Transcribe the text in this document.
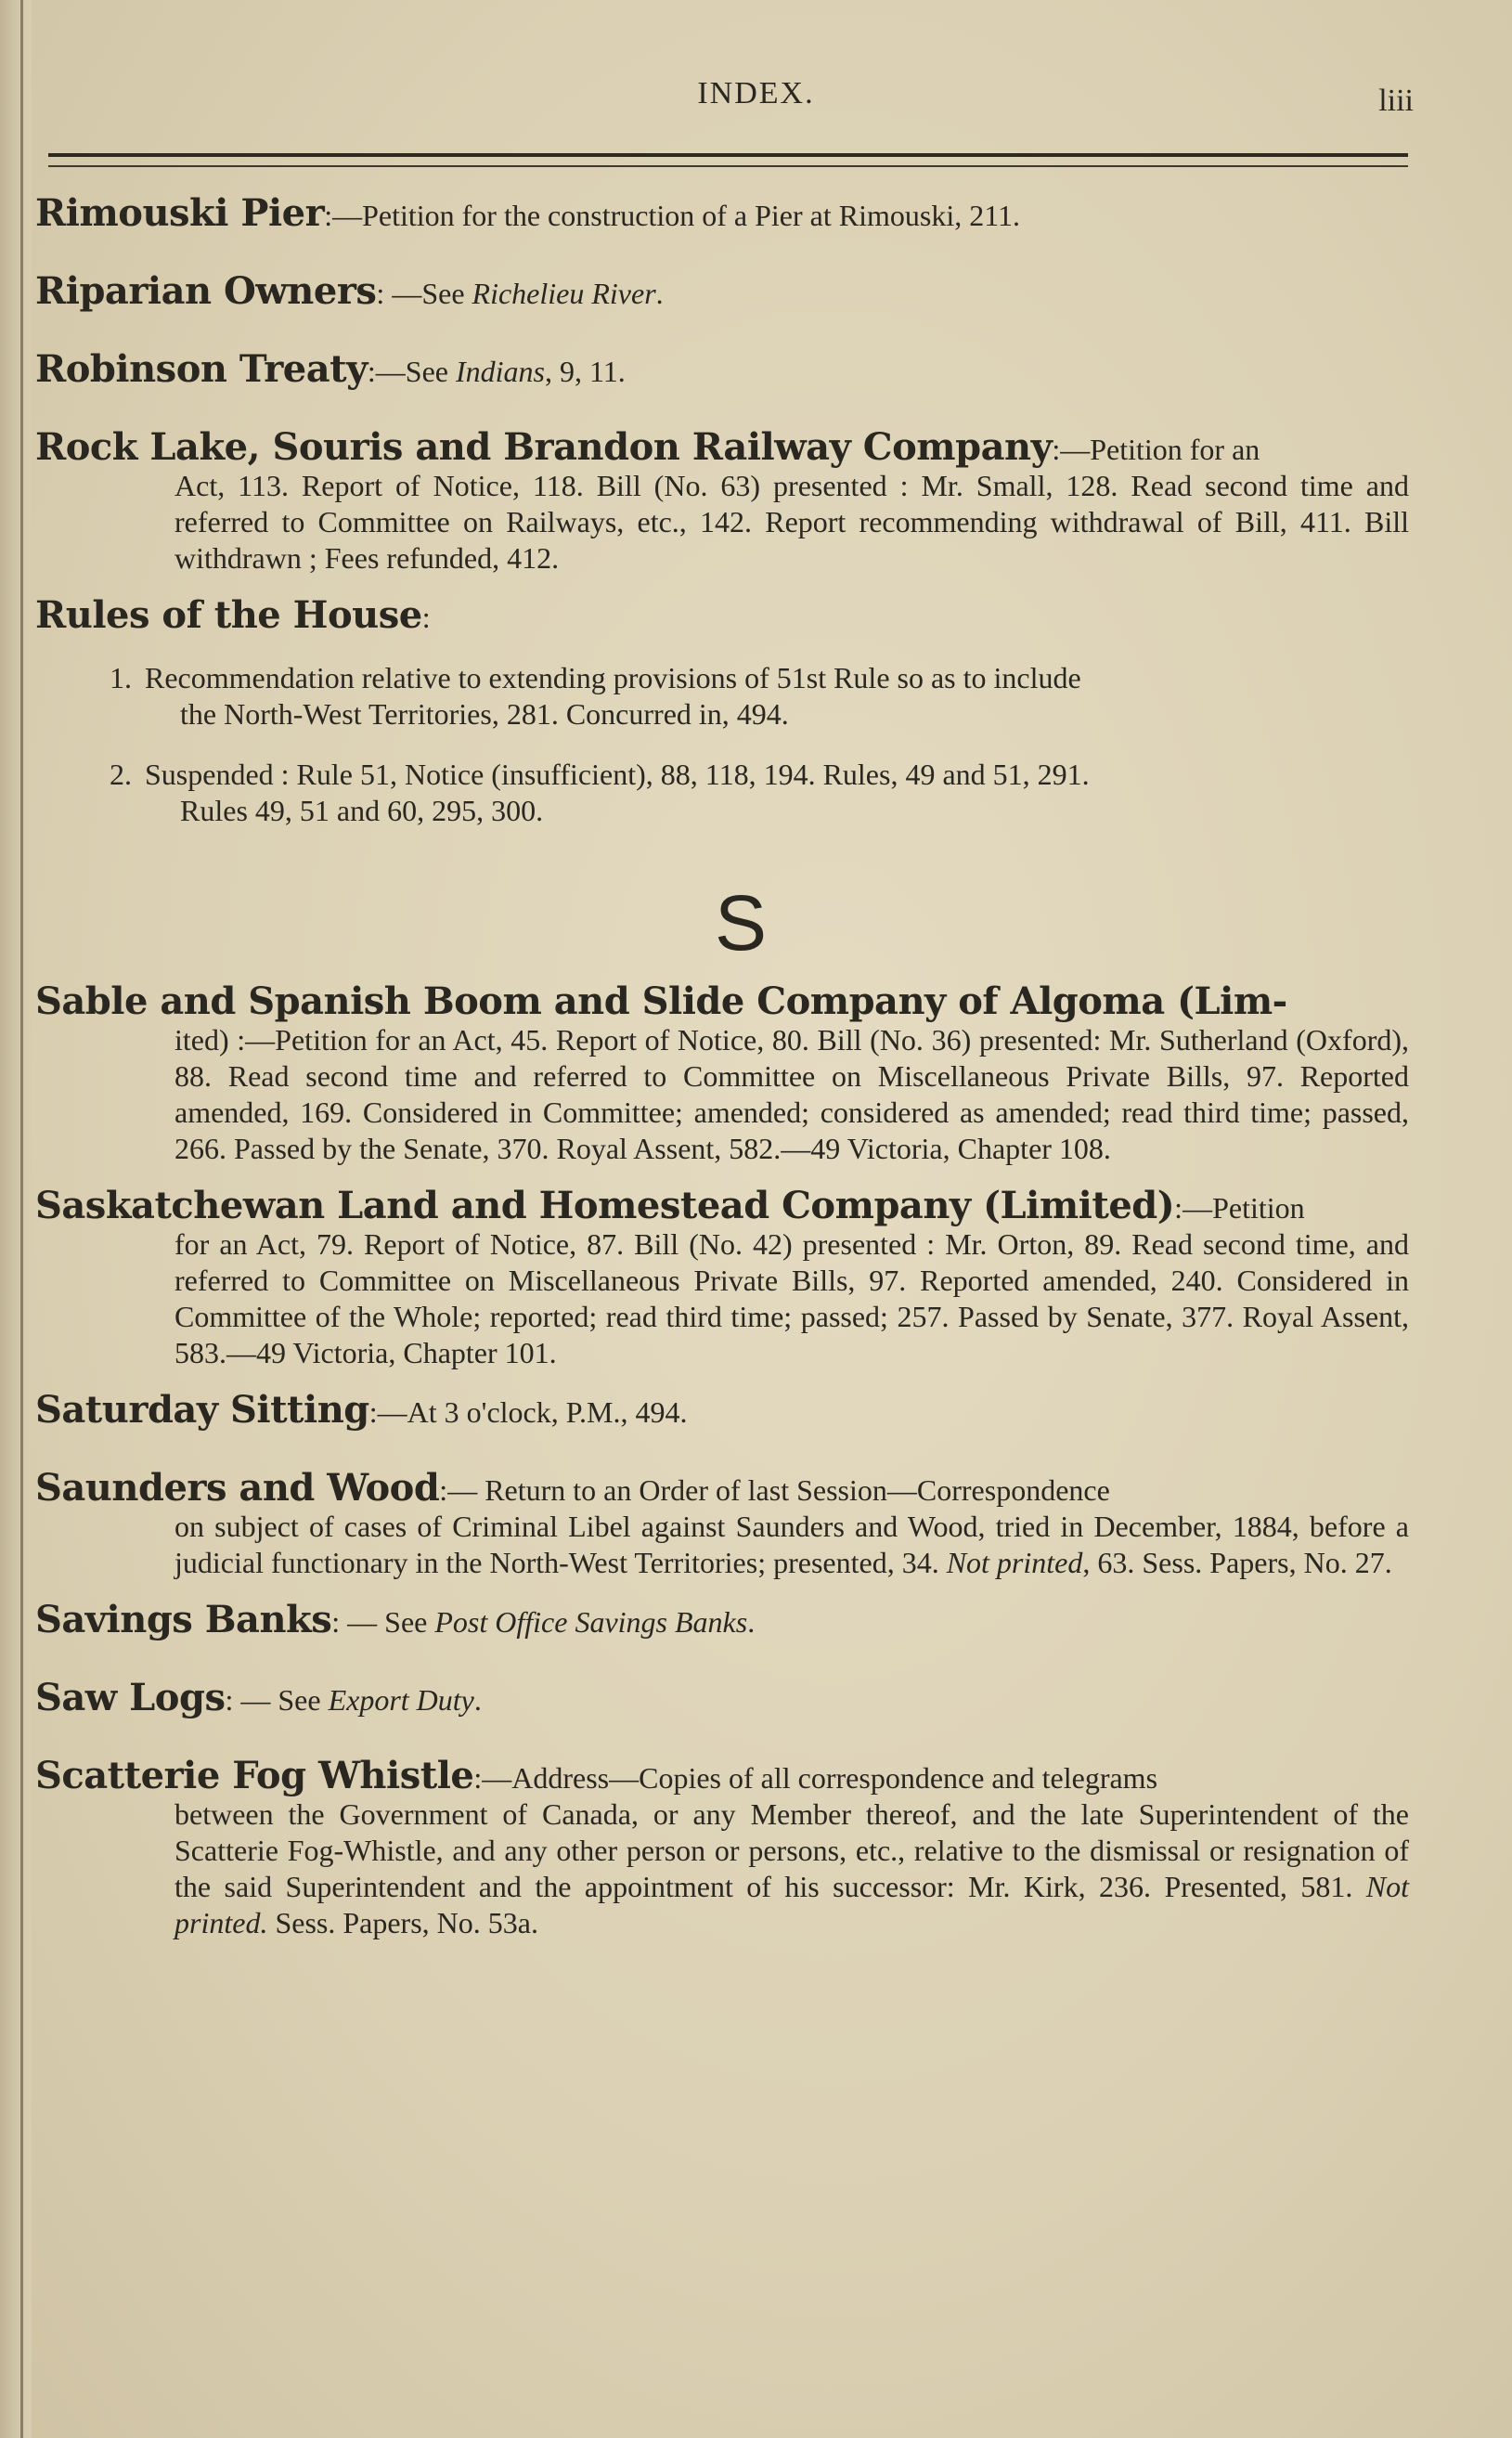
INDEX.	liii
Rimouski Pier:—Petition for the construction of a Pier at Rimouski, 211.
Riparian Owners: —See Richelieu River.
Robinson Treaty:—See Indians, 9, 11.
Rock Lake, Souris and Brandon Railway Company:—Petition for an
Act, 113. Report of Notice, 118. Bill (No. 63) presented : Mr. Small, 128. Read second time and referred to Committee on Railways, etc., 142. Report recommending withdrawal of Bill, 411. Bill withdrawn ; Fees refunded, 412.
Rules of the House:
1. Recommendation relative to extending provisions of 51st Rule so as to include
the North-West Territories, 281. Concurred in, 494.
2. Suspended : Rule 51, Notice (insufficient), 88, 118, 194. Rules, 49 and 51, 291.
Rules 49, 51 and 60, 295, 300.
S
Sable and Spanish Boom and Slide Company of Algoma (Lim-
ited) :—Petition for an Act, 45. Report of Notice, 80. Bill (No. 36) presented: Mr. Sutherland (Oxford), 88. Read second time and referred to Committee on Miscellaneous Private Bills, 97. Reported amended, 169. Considered in Committee; amended; considered as amended; read third time; passed, 266. Passed by the Senate, 370. Royal Assent, 582.—49 Victoria, Chapter 108.
Saskatchewan Land and Homestead Company (Limited):—Petition
for an Act, 79. Report of Notice, 87. Bill (No. 42) presented : Mr. Orton, 89. Read second time, and referred to Committee on Miscellaneous Private Bills, 97. Reported amended, 240. Considered in Committee of the Whole; reported; read third time; passed; 257. Passed by Senate, 377. Royal Assent, 583.—49 Victoria, Chapter 101.
Saturday Sitting:—At 3 o'clock, P.M., 494.
Saunders and Wood:— Return to an Order of last Session—Correspondence
on subject of cases of Criminal Libel against Saunders and Wood, tried in December, 1884, before a judicial functionary in the North-West Territories; presented, 34. Not printed, 63. Sess. Papers, No. 27.
Savings Banks: — See Post Office Savings Banks.
Saw Logs: — See Export Duty.
Scatterie Fog Whistle:—Address—Copies of all correspondence and telegrams
between the Government of Canada, or any Member thereof, and the late Superintendent of the Scatterie Fog-Whistle, and any other person or persons, etc., relative to the dismissal or resignation of the said Superintendent and the appointment of his successor: Mr. Kirk, 236. Presented, 581. Not printed. Sess. Papers, No. 53a.
